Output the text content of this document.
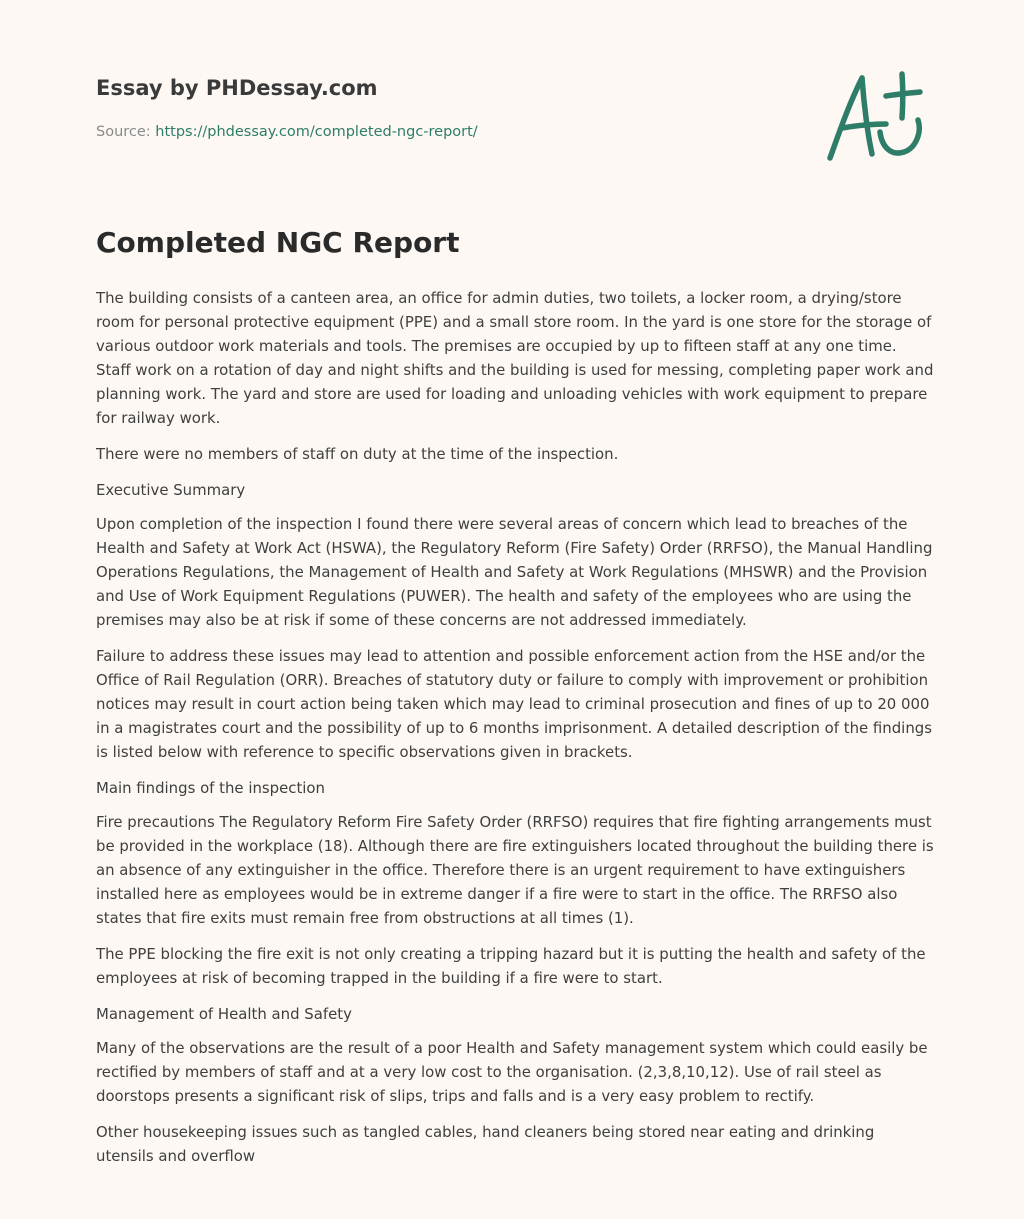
Essay by PHDessay.com
Source: https://phdessay.com/completed-ngc-report/
Completed NGC Report

The building consists of a canteen area, an office for admin duties, two toilets, a locker room, a drying/store room for personal protective equipment (PPE) and a small store room. In the yard is one store for the storage of various outdoor work materials and tools. The premises are occupied by up to fifteen staff at any one time. Staff work on a rotation of day and night shifts and the building is used for messing, completing paper work and planning work. The yard and store are used for loading and unloading vehicles with work equipment to prepare for railway work.

There were no members of staff on duty at the time of the inspection.

Executive Summary

Upon completion of the inspection I found there were several areas of concern which lead to breaches of the Health and Safety at Work Act (HSWA), the Regulatory Reform (Fire Safety) Order (RRFSO), the Manual Handling Operations Regulations, the Management of Health and Safety at Work Regulations (MHSWR) and the Provision and Use of Work Equipment Regulations (PUWER). The health and safety of the employees who are using the premises may also be at risk if some of these concerns are not addressed immediately.

Failure to address these issues may lead to attention and possible enforcement action from the HSE and/or the Office of Rail Regulation (ORR). Breaches of statutory duty or failure to comply with improvement or prohibition notices may result in court action being taken which may lead to criminal prosecution and fines of up to 20 000 in a magistrates court and the possibility of up to 6 months imprisonment. A detailed description of the findings is listed below with reference to specific observations given in brackets.

Main findings of the inspection

Fire precautions The Regulatory Reform Fire Safety Order (RRFSO) requires that fire fighting arrangements must be provided in the workplace (18). Although there are fire extinguishers located throughout the building there is an absence of any extinguisher in the office. Therefore there is an urgent requirement to have extinguishers installed here as employees would be in extreme danger if a fire were to start in the office. The RRFSO also states that fire exits must remain free from obstructions at all times (1).

The PPE blocking the fire exit is not only creating a tripping hazard but it is putting the health and safety of the employees at risk of becoming trapped in the building if a fire were to start.

Management of Health and Safety

Many of the observations are the result of a poor Health and Safety management system which could easily be rectified by members of staff and at a very low cost to the organisation. (2,3,8,10,12). Use of rail steel as doorstops presents a significant risk of slips, trips and falls and is a very easy problem to rectify.

Other housekeeping issues such as tangled cables, hand cleaners being stored near eating and drinking utensils and overflow
